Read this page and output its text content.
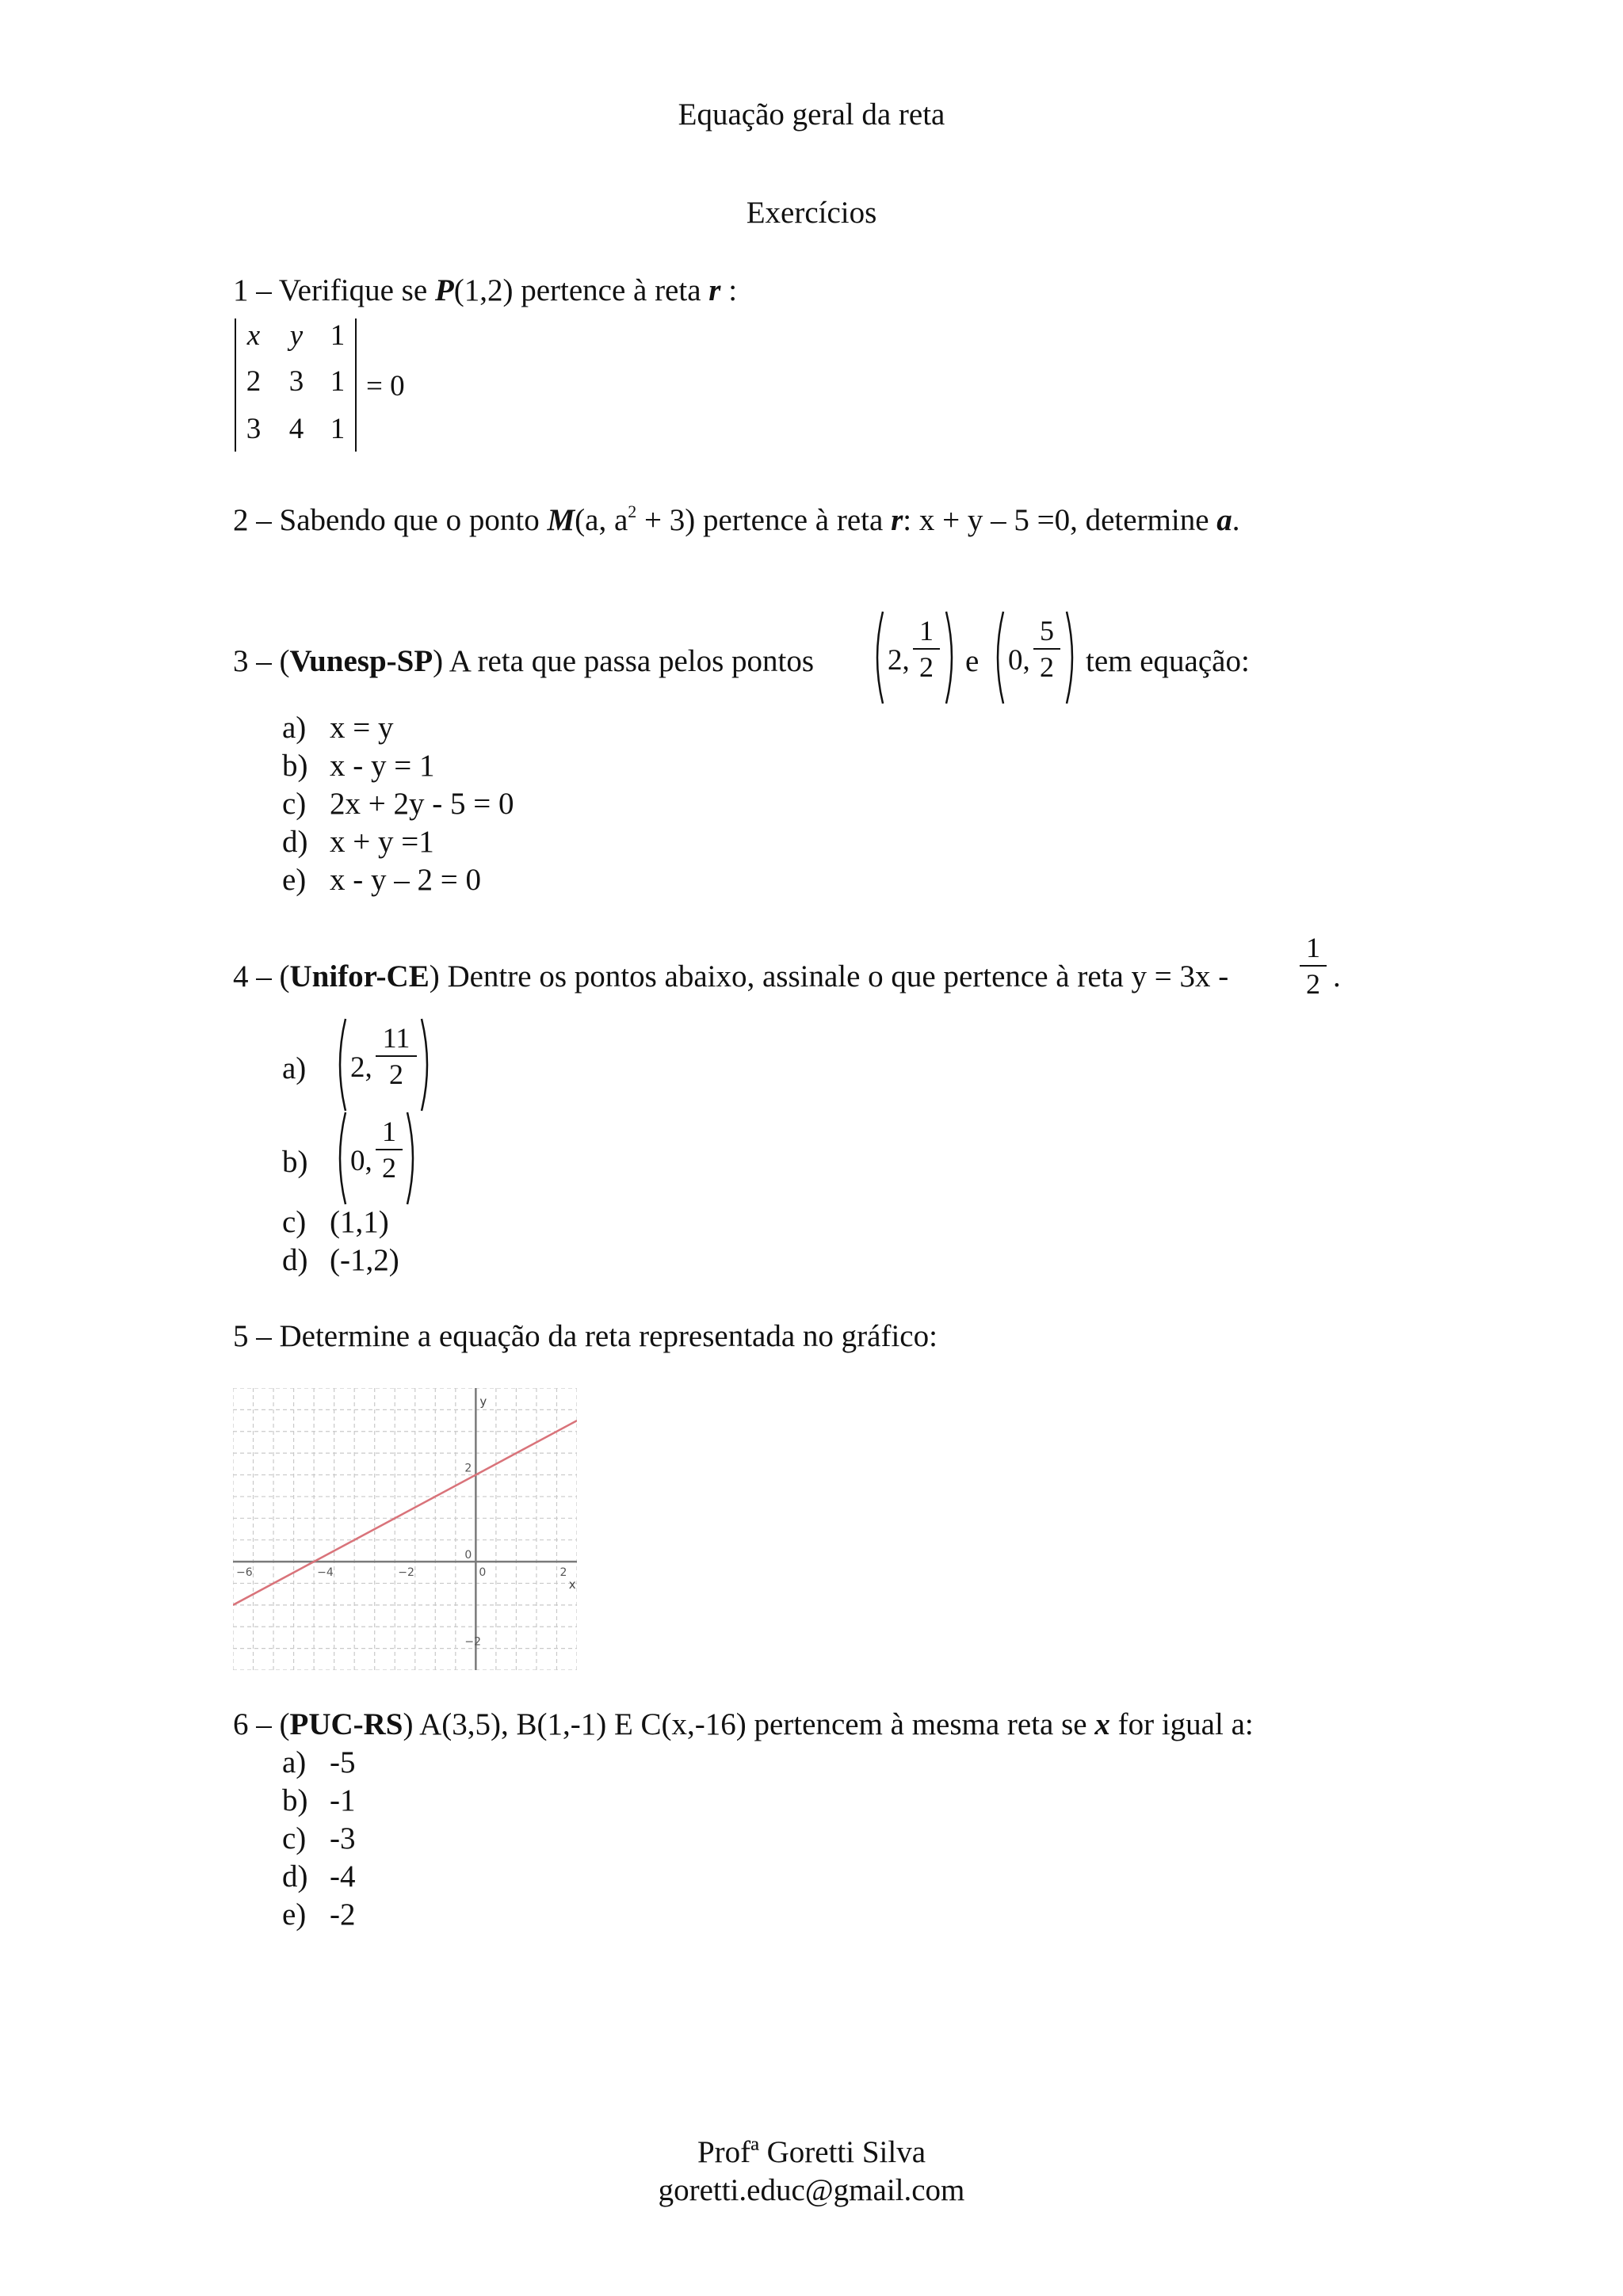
Equação geral da reta
Exercícios
1 – Verifique se P(1,2) pertence à reta r :
x	y 1
2 3 1
3 4 1
= 0
2 – Sabendo que o ponto M(a, $a^2 + 3$) pertence à reta r: x + y – 5 =0, determine a.
3 – (Vunesp-SP) A reta que passa pelos pontos	2,
1
2 e 0,
5
2 tem equação:
a) x = y
b) x - y = 1
c) 2x + 2y - 5 = 0
d) x + y =1
e) x - y – 2 = 0
4 – (Unifor-CE) Dentre os pontos abaixo, assinale o que pertence à reta y = 3x -
1
2 .
a) 2,
11
2
b) 0,
1
2
c) (1,1)
d) (-1,2)
5 – Determine a equação da reta representada no gráfico:
−6	−4	−2	0	2
2
0
−2
x
y
6 – (PUC-RS) A(3,5), B(1,-1) E C(x,-16) pertencem à mesma reta se x for igual a:
a) -5
b) -1
c) -3
d) -4
e) -2
Profª Goretti Silva
goretti.educ@gmail.com
